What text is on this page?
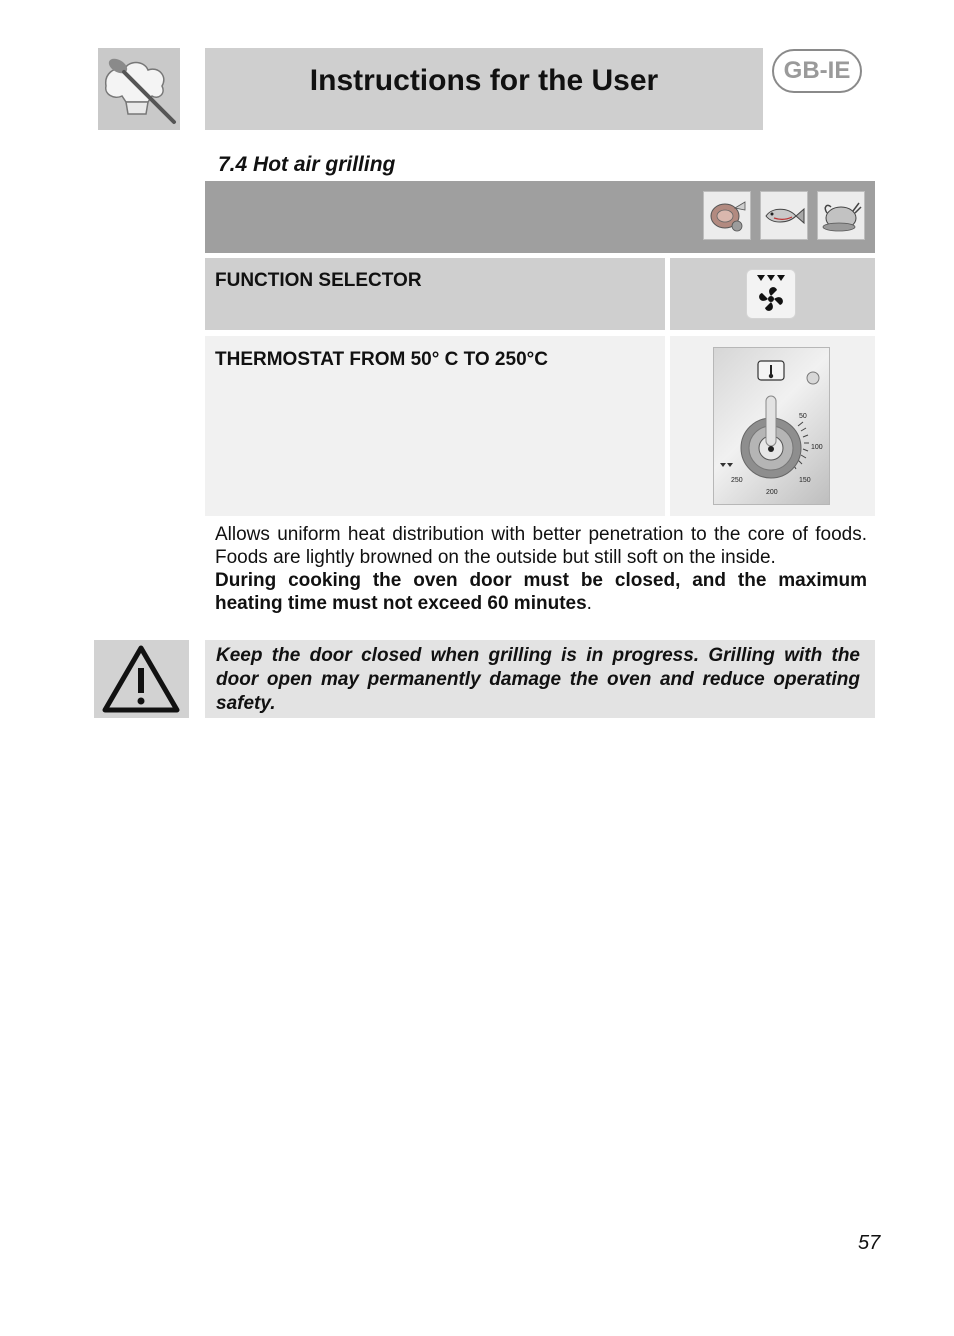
Instructions for the User	GB-IE
7.4 Hot air grilling
FUNCTION SELECTOR
THERMOSTAT FROM 50° C TO 250°C
50
100
150
200
250

Allows uniform heat distribution with better penetration to the core of foods. Foods are lightly browned on the outside but still soft on the inside.

During cooking the oven door must be closed, and the maximum heating time must not exceed 60 minutes.

Keep the door closed when grilling is in progress. Grilling with the door open may permanently damage the oven and reduce operating safety.
57
